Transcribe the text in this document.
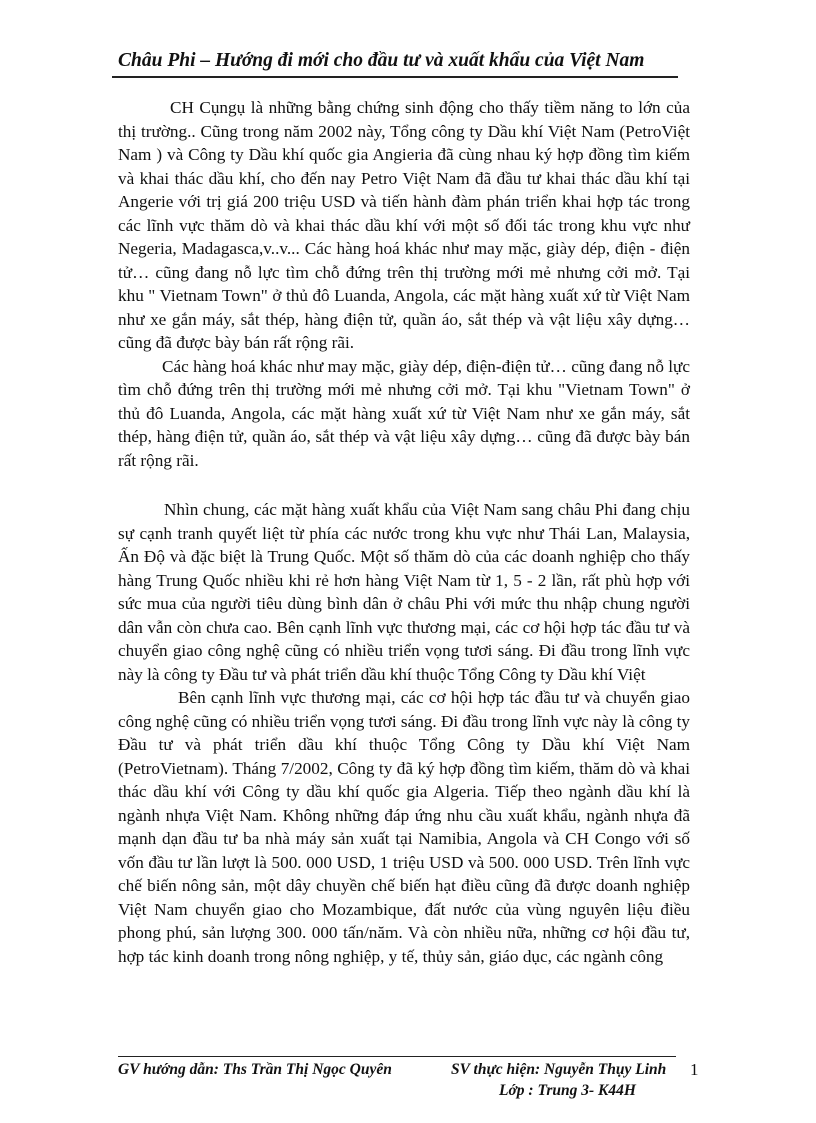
Châu Phi – Hướng đi mới cho đầu tư và xuất khẩu của Việt Nam

CH Cụngụ là những bằng chứng sinh động cho thấy tiềm năng to lớn của thị trường.. Cũng trong năm 2002 này, Tổng công ty Dầu khí Việt Nam (PetroViệt Nam ) và Công ty Dầu khí quốc gia Angieria đã cùng nhau ký hợp đồng tìm kiếm và khai thác dầu khí, cho đến nay Petro Việt Nam đã đầu tư khai thác dầu khí tại Angerie với trị giá 200 triệu USD và tiến hành đàm phán triển khai hợp tác trong các lĩnh vực thăm dò và khai thác dầu khí với một số đối tác trong khu vực như Negeria, Madagasca,v..v... Các hàng hoá khác như may mặc, giày dép, điện - điện tử… cũng đang nỗ lực tìm chỗ đứng trên thị trường mới mẻ nhưng cởi mở. Tại khu " Vietnam Town" ở thủ đô Luanda, Angola, các mặt hàng xuất xứ từ Việt Nam như xe gắn máy, sắt thép, hàng điện tử, quần áo, sắt thép và vật liệu xây dựng… cũng đã được bày bán rất rộng rãi.

Các hàng hoá khác như may mặc, giày dép, điện-điện tử… cũng đang nỗ lực tìm chỗ đứng trên thị trường mới mẻ nhưng cởi mở. Tại khu "Vietnam Town" ở thủ đô Luanda, Angola, các mặt hàng xuất xứ từ Việt Nam như xe gắn máy, sắt thép, hàng điện tử, quần áo, sắt thép và vật liệu xây dựng… cũng đã được bày bán rất rộng rãi.

Nhìn chung, các mặt hàng xuất khẩu của Việt Nam sang châu Phi đang chịu sự cạnh tranh quyết liệt từ phía các nước trong khu vực như Thái Lan, Malaysia, Ấn Độ và đặc biệt là Trung Quốc. Một số thăm dò của các doanh nghiệp cho thấy hàng Trung Quốc nhiều khi rẻ hơn hàng Việt Nam từ 1, 5 - 2 lần, rất phù hợp với sức mua của người tiêu dùng bình dân ở châu Phi với mức thu nhập chung người dân vẫn còn chưa cao. Bên cạnh lĩnh vực thương mại, các cơ hội hợp tác đầu tư và chuyển giao công nghệ cũng có nhiều triển vọng tươi sáng. Đi đầu trong lĩnh vực này là công ty Đầu tư và phát triển dầu khí thuộc Tổng Công ty Dầu khí Việt

Bên cạnh lĩnh vực thương mại, các cơ hội hợp tác đầu tư và chuyển giao công nghệ cũng có nhiều triển vọng tươi sáng. Đi đầu trong lĩnh vực này là công ty Đầu tư và phát triển dầu khí thuộc Tổng Công ty Dầu khí Việt Nam (PetroVietnam). Tháng 7/2002, Công ty đã ký hợp đồng tìm kiếm, thăm dò và khai thác dầu khí với Công ty dầu khí quốc gia Algeria. Tiếp theo ngành dầu khí là ngành nhựa Việt Nam. Không những đáp ứng nhu cầu xuất khẩu, ngành nhựa đã mạnh dạn đầu tư ba nhà máy sản xuất tại Namibia, Angola và CH Congo với số vốn đầu tư lần lượt là 500. 000 USD, 1 triệu USD và 500. 000 USD. Trên lĩnh vực chế biến nông sản, một dây chuyền chế biến hạt điều cũng đã được doanh nghiệp Việt Nam chuyển giao cho Mozambique, đất nước của vùng nguyên liệu điều phong phú, sản lượng 300. 000 tấn/năm. Và còn nhiều nữa, những cơ hội đầu tư, hợp tác kinh doanh trong nông nghiệp, y tế, thủy sản, giáo dục, các ngành công

GV hướng dẫn: Ths Trần Thị Ngọc Quyên	SV thực hiện: Nguyễn Thụy Linh
Lớp : Trung 3- K44H
1
